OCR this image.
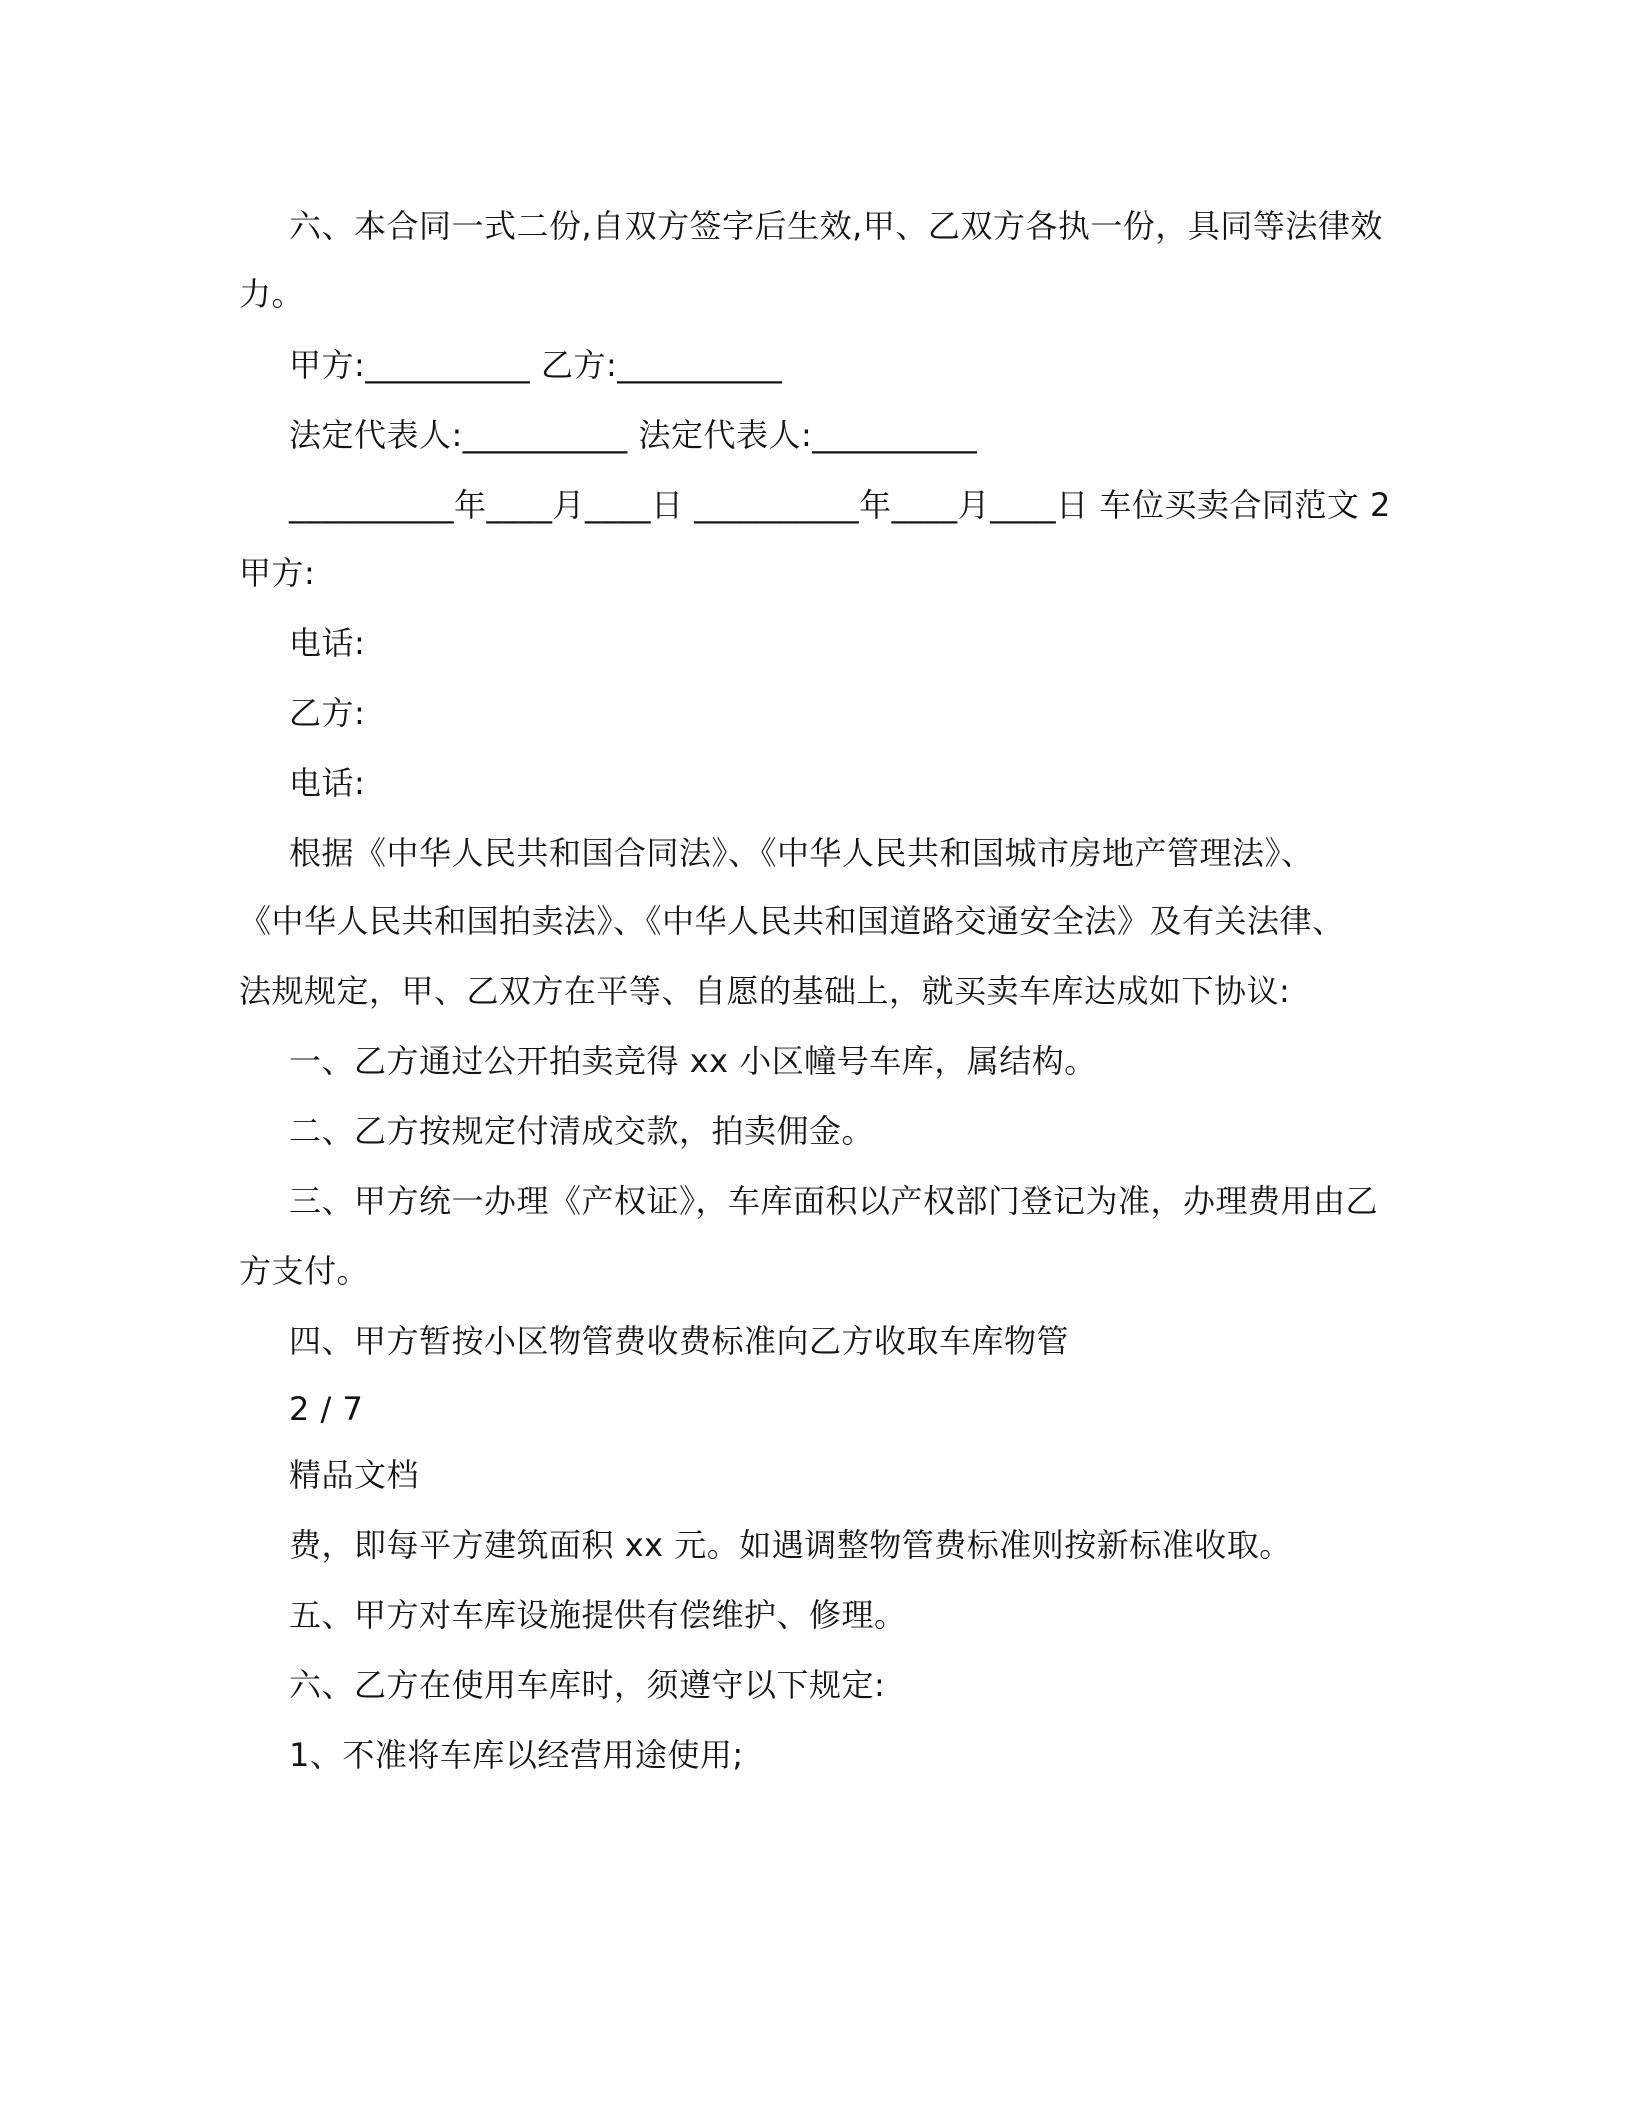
六、本合同一式二份,自双方签字后生效,甲、乙双方各执一份，具同等法律效
力。
甲方:__________ 乙方:__________
法定代表人:__________ 法定代表人:__________
__________年____月____日 __________年____月____日 车位买卖合同范文 2
甲方:
电话:
乙方:
电话:
根据《中华人民共和国合同法》、《中华人民共和国城市房地产管理法》、
《中华人民共和国拍卖法》、《中华人民共和国道路交通安全法》及有关法律、
法规规定，甲、乙双方在平等、自愿的基础上，就买卖车库达成如下协议:
一、乙方通过公开拍卖竞得 xx 小区幢号车库，属结构。
二、乙方按规定付清成交款，拍卖佣金。
三、甲方统一办理《产权证》，车库面积以产权部门登记为准，办理费用由乙
方支付。
四、甲方暂按小区物管费收费标准向乙方收取车库物管
2 / 7
精品文档
费，即每平方建筑面积 xx 元。如遇调整物管费标准则按新标准收取。
五、甲方对车库设施提供有偿维护、修理。
六、乙方在使用车库时，须遵守以下规定:
1、不准将车库以经营用途使用;
